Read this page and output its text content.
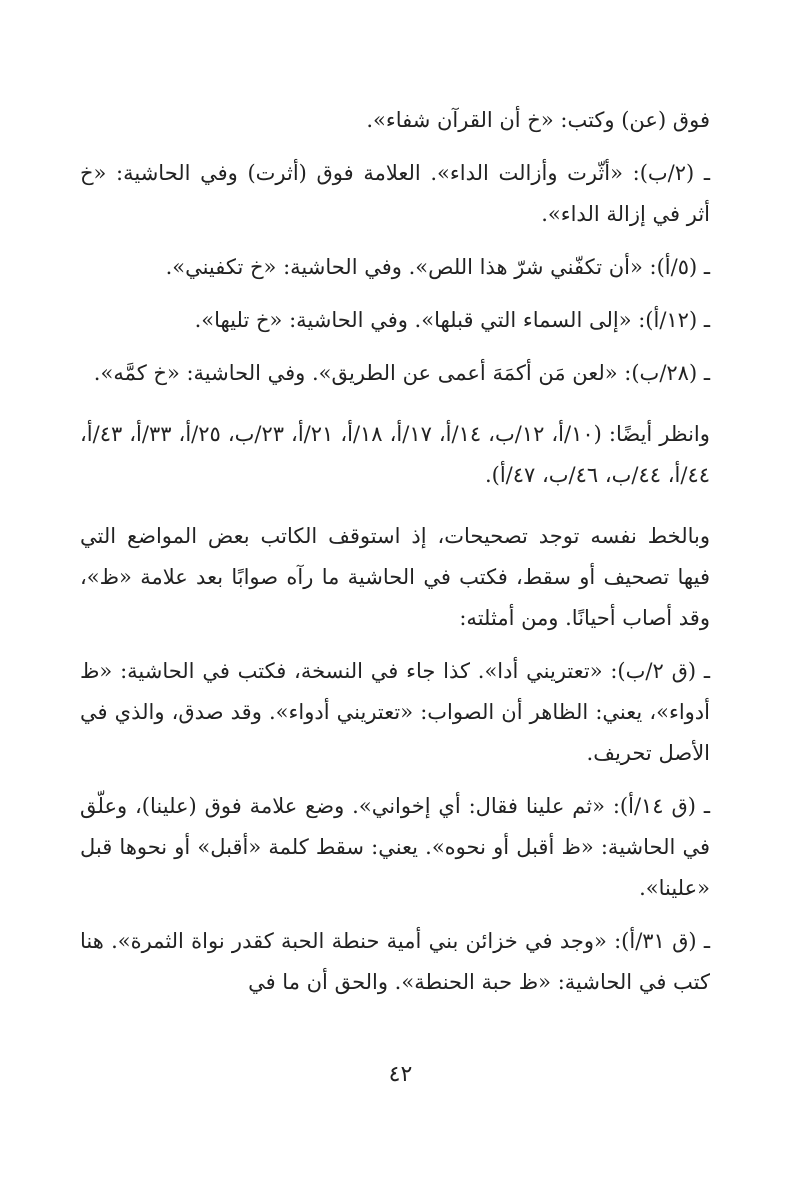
فوق (عن) وكتب: «خ أن القرآن شفاء».

ـ (٢/ب): «أثّرت وأزالت الداء». العلامة فوق (أثرت) وفي الحاشية: «خ أثر في إزالة الداء».

ـ (٥/أ): «أن تكفّني شرّ هذا اللص». وفي الحاشية: «خ تكفيني».

ـ (١٢/أ): «إلى السماء التي قبلها». وفي الحاشية: «خ تليها».

ـ (٢٨/ب): «لعن مَن أكمَهَ أعمى عن الطريق». وفي الحاشية: «خ كمَّه».

وانظر أيضًا: (١٠/أ، ١٢/ب، ١٤/أ، ١٧/أ، ١٨/أ، ٢١/أ، ٢٣/ب، ٢٥/أ، ٣٣/أ، ٤٣/أ، ٤٤/أ، ٤٤/ب، ٤٦/ب، ٤٧/أ).

وبالخط نفسه توجد تصحيحات، إذ استوقف الكاتب بعض المواضع التي فيها تصحيف أو سقط، فكتب في الحاشية ما رآه صوابًا بعد علامة «ظ»، وقد أصاب أحيانًا. ومن أمثلته:

ـ (ق ٢/ب): «تعتريني أدا». كذا جاء في النسخة، فكتب في الحاشية: «ظ أدواء»، يعني: الظاهر أن الصواب: «تعتريني أدواء». وقد صدق، والذي في الأصل تحريف.

ـ (ق ١٤/أ): «ثم علينا فقال: أي إخواني». وضع علامة فوق (علينا)، وعلّق في الحاشية: «ظ أقبل أو نحوه». يعني: سقط كلمة «أقبل» أو نحوها قبل «علينا».

ـ (ق ٣١/أ): «وجد في خزائن بني أمية حنطة الحبة كقدر نواة الثمرة». هنا كتب في الحاشية: «ظ حبة الحنطة». والحق أن ما في

٤٢
